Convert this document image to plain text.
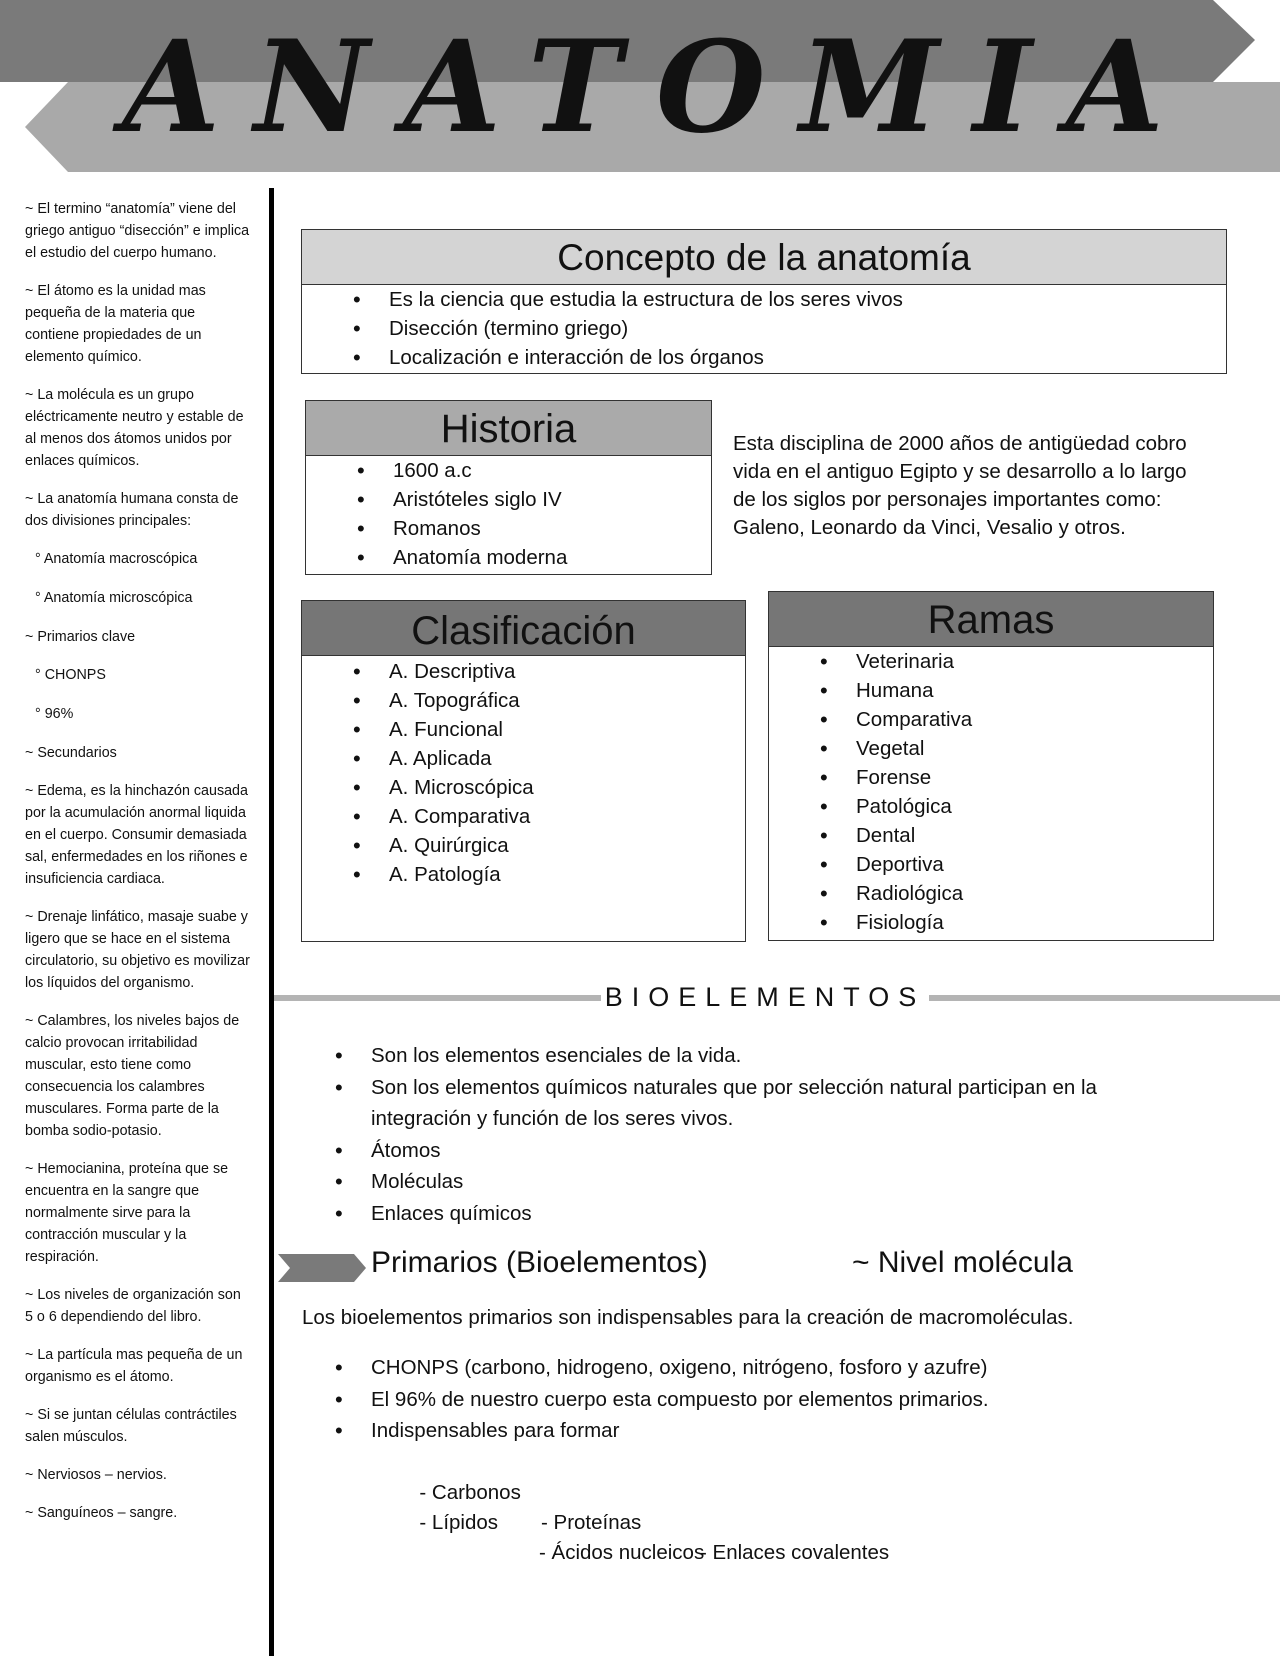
ANATOMIA

~ El termino “anatomía” viene del griego antiguo “disección” e implica el estudio del cuerpo humano.

~ El átomo es la unidad mas pequeña de la materia que contiene propiedades de un elemento químico.

~ La molécula es un grupo eléctricamente neutro y estable de al menos dos átomos unidos por enlaces químicos.

~ La anatomía humana consta de dos divisiones principales:

° Anatomía macroscópica

° Anatomía microscópica

~ Primarios clave

° CHONPS

° 96%

~ Secundarios

~ Edema, es la hinchazón causada por la acumulación anormal liquida en el cuerpo. Consumir demasiada sal, enfermedades en los riñones e insuficiencia cardiaca.

~ Drenaje linfático, masaje suabe y ligero que se hace en el sistema circulatorio, su objetivo es movilizar los líquidos del organismo.

~ Calambres, los niveles bajos de calcio provocan irritabilidad muscular, esto tiene como consecuencia los calambres musculares. Forma parte de la bomba sodio-potasio.

~ Hemocianina, proteína que se encuentra en la sangre que normalmente sirve para la contracción muscular y la respiración.

~ Los niveles de organización son 5 o 6 dependiendo del libro.

~ La partícula mas pequeña de un organismo es el átomo.

~ Si se juntan células contráctiles salen músculos.

~ Nerviosos – nervios.

~ Sanguíneos – sangre.

Concepto de la anatomía
• Es la ciencia que estudia la estructura de los seres vivos
• Disección (termino griego)
• Localización e interacción de los órganos
Historia
• 1600 a.c
• Aristóteles siglo IV
• Romanos
• Anatomía moderna
Esta disciplina de 2000 años de antigüedad cobro vida en el antiguo Egipto y se desarrollo a lo largo de los siglos por personajes importantes como: Galeno, Leonardo da Vinci, Vesalio y otros.
Clasificación
• A. Descriptiva
• A. Topográfica
• A. Funcional
• A. Aplicada
• A. Microscópica
• A. Comparativa
• A. Quirúrgica
• A. Patología
Ramas
• Veterinaria
• Humana
• Comparativa
• Vegetal
• Forense
• Patológica
• Dental
• Deportiva
• Radiológica
• Fisiología
BIOELEMENTOS
• Son los elementos esenciales de la vida.
• Son los elementos químicos naturales que por selección natural participan en la integración y función de los seres vivos.
• Átomos
• Moléculas
• Enlaces químicos
Primarios (Bioelementos)	~ Nivel molécula
Los bioelementos primarios son indispensables para la creación de macromoléculas.
• CHONPS (carbono, hidrogeno, oxigeno, nitrógeno, fosforo y azufre)
• El 96% de nuestro cuerpo esta compuesto por elementos primarios.
• Indispensables para formar

- Carbonos

- Proteínas

- Enlaces covalentes

- Lípidos

- Ácidos nucleicos
